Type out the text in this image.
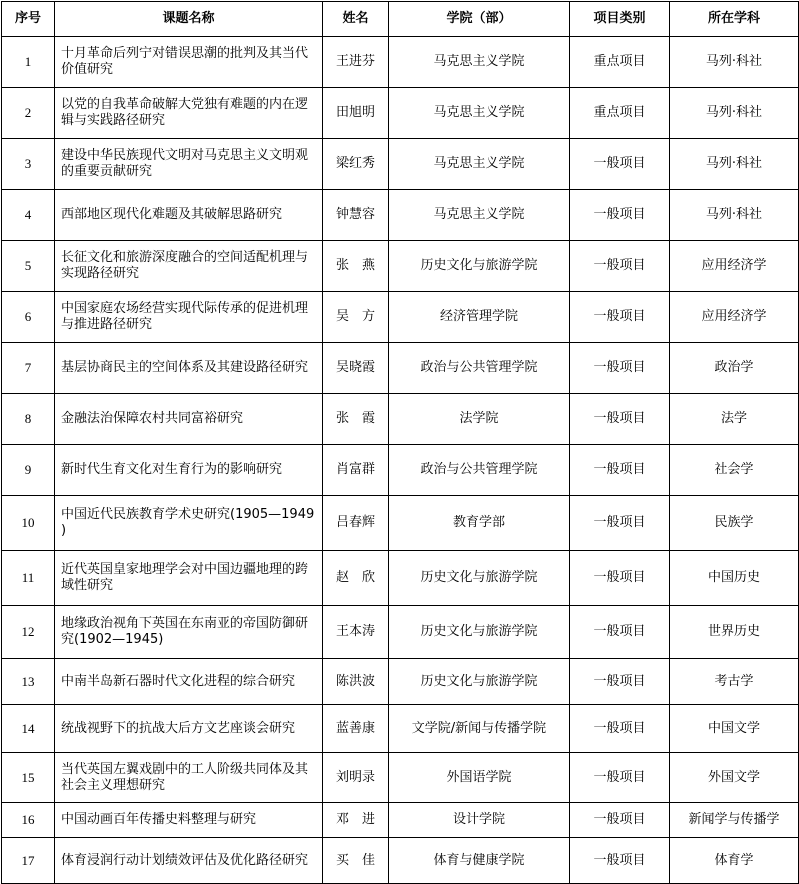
序号	课题名称	姓名	学院（部）	项目类别	所在学科
1	十月革命后列宁对错误思潮的批判及其当代价值研究	王进芬	马克思主义学院	重点项目	马列·科社
2	以党的自我革命破解大党独有难题的内在逻辑与实践路径研究	田旭明	马克思主义学院	重点项目	马列·科社
3	建设中华民族现代文明对马克思主义文明观的重要贡献研究	梁红秀	马克思主义学院	一般项目	马列·科社
4	西部地区现代化难题及其破解思路研究	钟慧容	马克思主义学院	一般项目	马列·科社
5	长征文化和旅游深度融合的空间适配机理与实现路径研究	张　燕	历史文化与旅游学院	一般项目	应用经济学
6	中国家庭农场经营实现代际传承的促进机理与推进路径研究	吴　方	经济管理学院	一般项目	应用经济学
7	基层协商民主的空间体系及其建设路径研究	吴晓霞	政治与公共管理学院	一般项目	政治学
8	金融法治保障农村共同富裕研究	张　霞	法学院	一般项目	法学
9	新时代生育文化对生育行为的影响研究	肖富群	政治与公共管理学院	一般项目	社会学
10	中国近代民族教育学术史研究(1905—1949 )	吕春辉	教育学部	一般项目	民族学
11	近代英国皇家地理学会对中国边疆地理的跨域性研究	赵　欣	历史文化与旅游学院	一般项目	中国历史
12	地缘政治视角下英国在东南亚的帝国防御研究(1902—1945)	王本涛	历史文化与旅游学院	一般项目	世界历史
13	中南半岛新石器时代文化进程的综合研究	陈洪波	历史文化与旅游学院	一般项目	考古学
14	统战视野下的抗战大后方文艺座谈会研究	蓝善康	文学院/新闻与传播学院	一般项目	中国文学
15	当代英国左翼戏剧中的工人阶级共同体及其社会主义理想研究	刘明录	外国语学院	一般项目	外国文学
16	中国动画百年传播史料整理与研究	邓　进	设计学院	一般项目	新闻学与传播学
17	体育浸润行动计划绩效评估及优化路径研究	买　佳	体育与健康学院	一般项目	体育学
